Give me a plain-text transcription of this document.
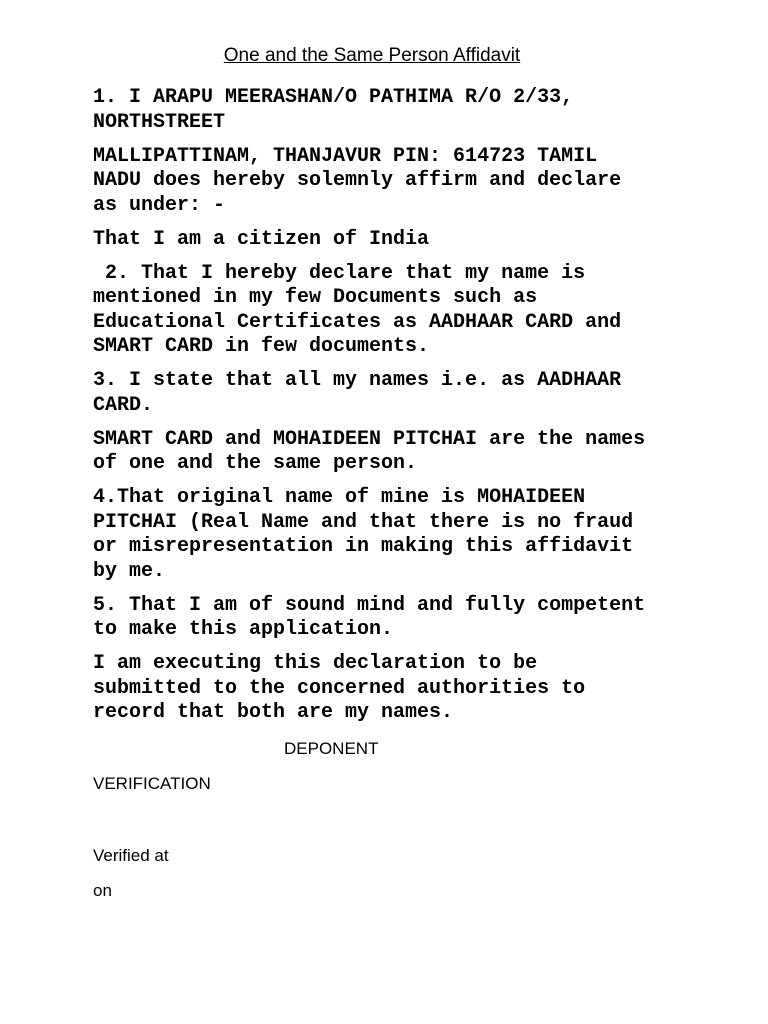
One and the Same Person Affidavit

1. I ARAPU MEERASHAN/O PATHIMA R/O 2/33,
NORTHSTREET

MALLIPATTINAM, THANJAVUR PIN: 614723 TAMIL
NADU does hereby solemnly affirm and declare
as under: -

That I am a citizen of India

2. That I hereby declare that my name is
mentioned in my few Documents such as
Educational Certificates as AADHAAR CARD and
SMART CARD in few documents.

3. I state that all my names i.e. as AADHAAR
CARD.

SMART CARD and MOHAIDEEN PITCHAI are the names
of one and the same person.

4.That original name of mine is MOHAIDEEN
PITCHAI (Real Name and that there is no fraud
or misrepresentation in making this affidavit
by me.

5. That I am of sound mind and fully competent
to make this application.

I am executing this declaration to be
submitted to the concerned authorities to
record that both are my names.

DEPONENT
VERIFICATION
Verified at
on
